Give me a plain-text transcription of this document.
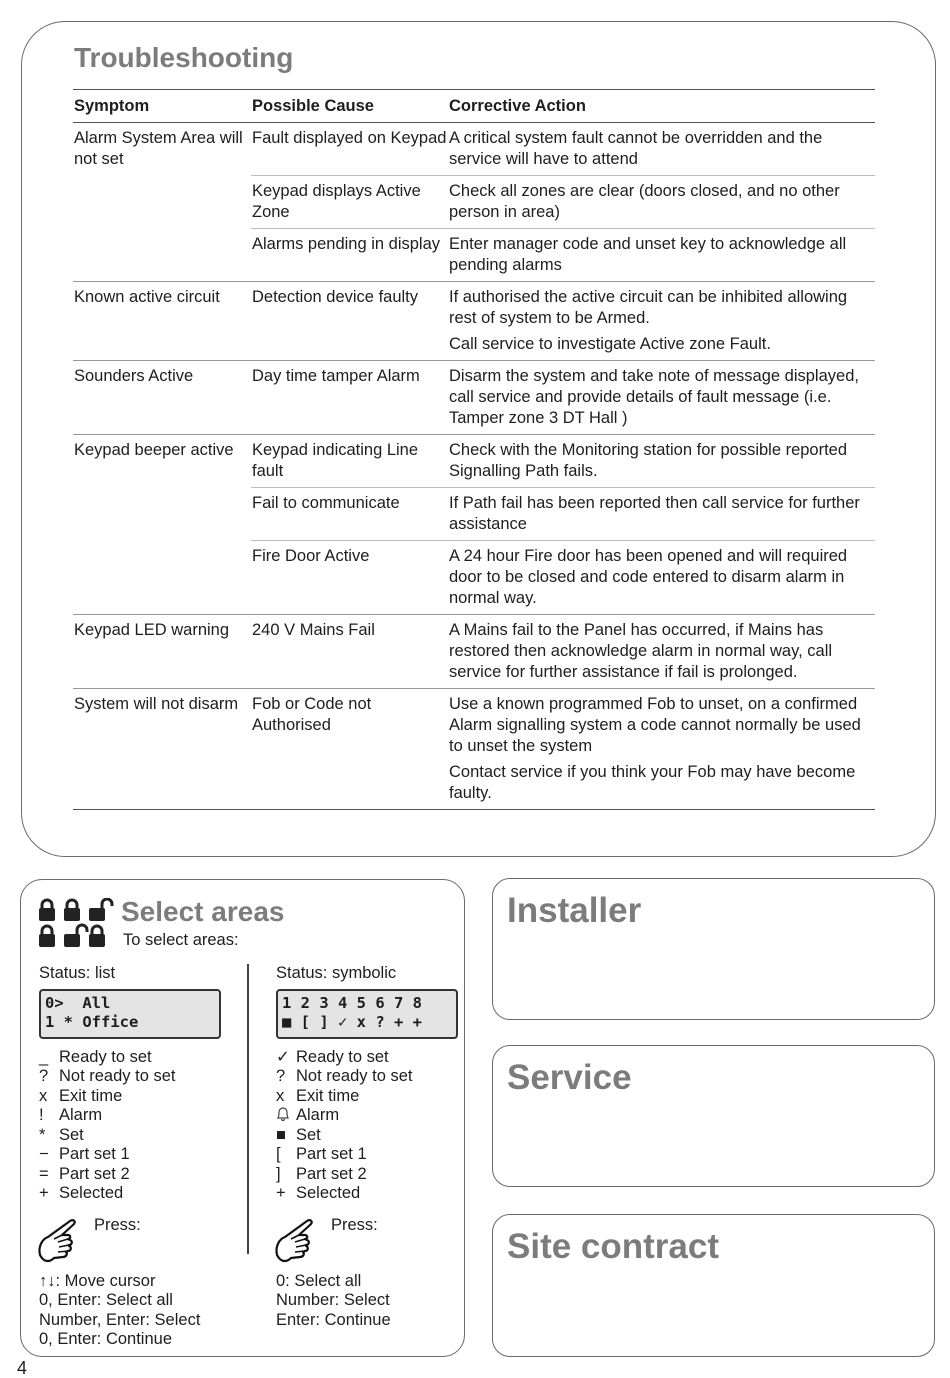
Troubleshooting
Symptom	Possible Cause	Corrective Action
Alarm System Area will not set	Fault displayed on Keypad	A critical system fault cannot be overridden and the service will have to attend
	Keypad displays Active Zone	Check all zones are clear (doors closed, and no other person in area)
	Alarms pending in display	Enter manager code and unset key to acknowledge all pending alarms
Known active circuit	Detection device faulty	If authorised the active circuit can be inhibited allowing rest of system to be Armed.
		Call service to investigate Active zone Fault.
Sounders Active	Day time tamper Alarm	Disarm the system and take note of message displayed, call service and provide details of fault message (i.e. Tamper zone 3 DT Hall )
Keypad beeper active	Keypad indicating Line fault	Check with the Monitoring station for possible reported Signalling Path fails.
	Fail to communicate	If Path fail has been reported then call service for further assistance
	Fire Door Active	A 24 hour Fire door has been opened and will required door to be closed and code entered to disarm alarm in normal way.
Keypad LED warning	240 V Mains Fail	A Mains fail to the Panel has occurred, if Mains has restored then acknowledge alarm in normal way, call service for further assistance if fail is prolonged.
System will not disarm	Fob or Code not Authorised	Use a known programmed Fob to unset, on a confirmed Alarm signalling system a code cannot normally be used to unset the system
		Contact service if you think your Fob may have become faulty.
Select areas
To select areas:
Status: list
0>  All
1 * Office
_ Ready to set
? Not ready to set
x Exit time
! Alarm
* Set
− Part set 1
= Part set 2
+ Selected
Press:
↑↓: Move cursor
0, Enter: Select all
Number, Enter: Select
0, Enter: Continue
Status: symbolic
1 2 3 4 5 6 7 8
■ [ ] ✓ x ? + +
✓ Ready to set
? Not ready to set
x Exit time
Alarm
■ Set
[ Part set 1
] Part set 2
+ Selected
Press:
0: Select all
Number: Select
Enter: Continue
Installer
Service
Site contract
4
